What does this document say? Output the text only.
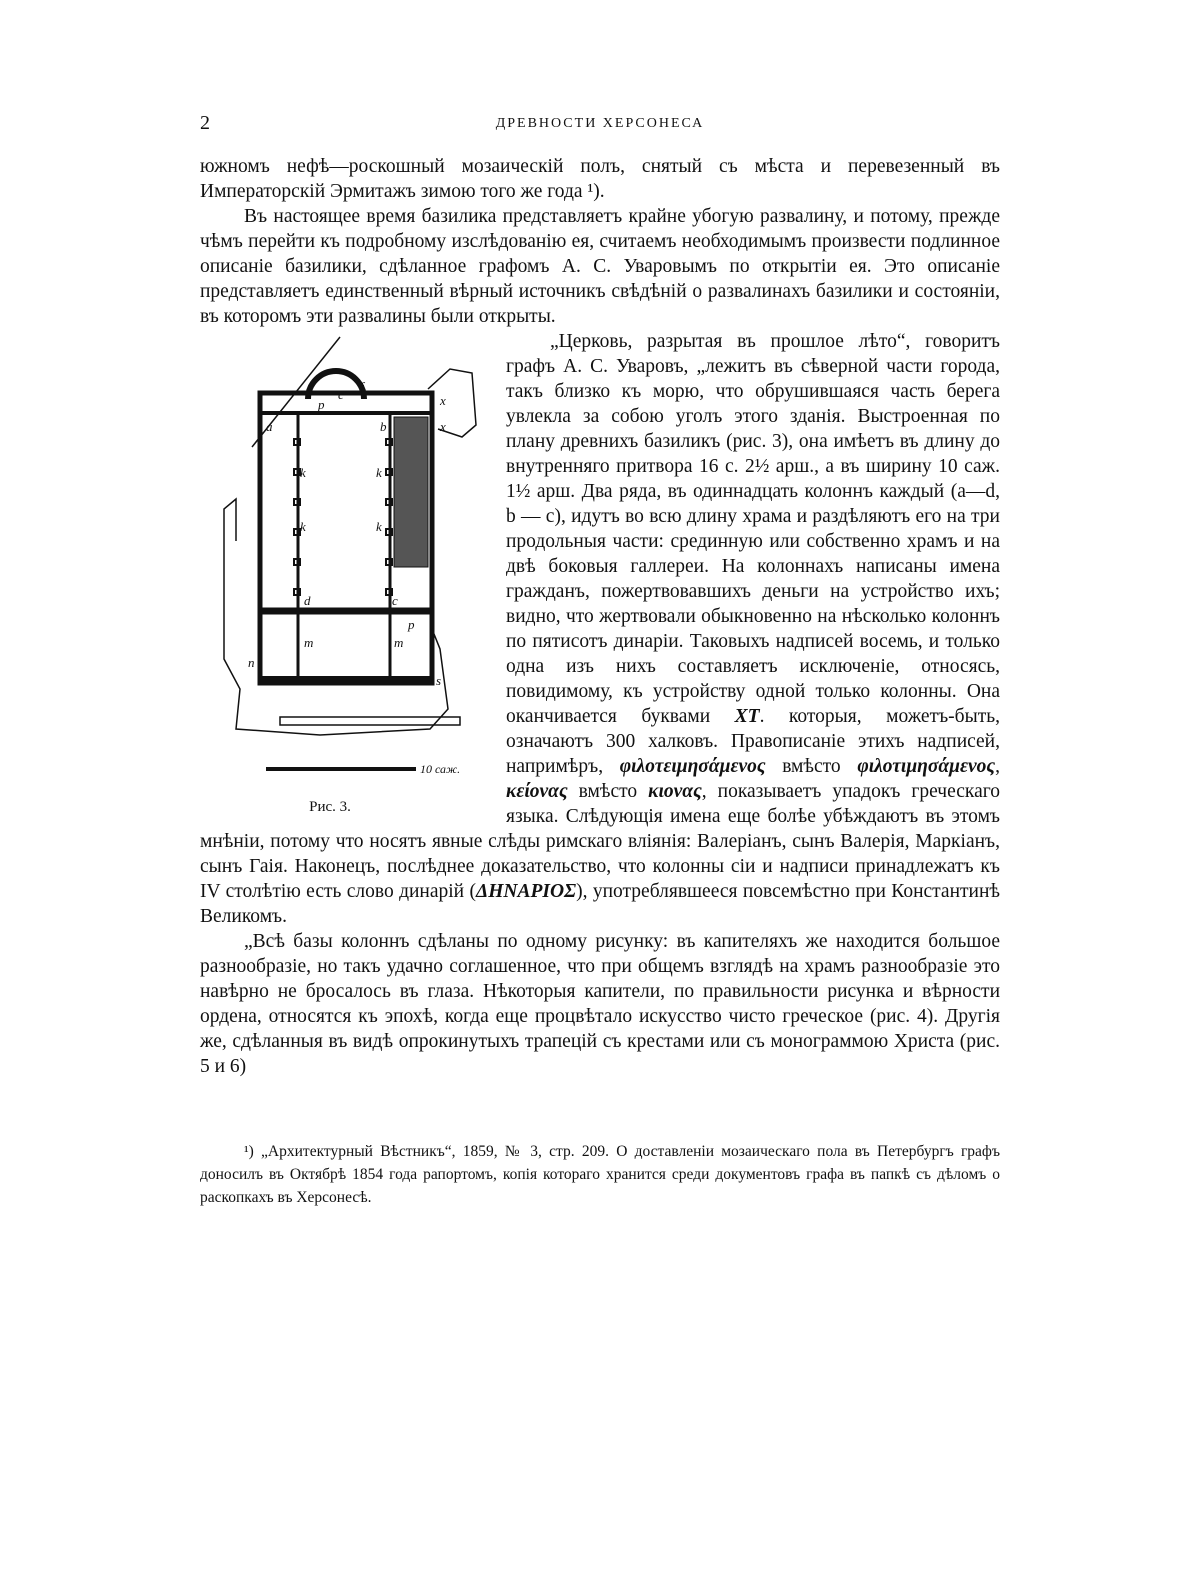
2	ДРЕВНОСТИ ХЕРСОНЕСА

южномъ нефѣ—роскошный мозаическій полъ, снятый съ мѣста и перевезенный въ Императорскій Эрмитажъ зимою того же года ¹).

Въ настоящее время базилика представляетъ крайне убогую развалину, и потому, прежде чѣмъ перейти къ подробному изслѣдованію ея, считаемъ необходимымъ произвести подлинное описаніе базилики, сдѣланное графомъ А. С. Уваровымъ по открытіи ея. Это описаніе представляетъ единственный вѣрный источникъ свѣдѣній о развалинахъ базилики и состояніи, въ которомъ эти развалины были открыты.

p
c
f
a	b
k	k
k	k
d	c
m	m
p
n
s
x
x
10 саж.
Рис. 3.

„Церковь, разрытая въ прошлое лѣто“, говоритъ графъ А. С. Уваровъ, „лежитъ въ сѣверной части города, такъ близко къ морю, что обрушившаяся часть берега увлекла за собою уголъ этого зданія. Выстроенная по плану древнихъ базиликъ (рис. 3), она имѣетъ въ длину до внутренняго притвора 16 с. 2½ арш., а въ ширину 10 саж. 1½ арш. Два ряда, въ одиннадцать колоннъ каждый (a—d, b — c), идутъ во всю длину храма и раздѣляютъ его на три продольныя части: срединную или собственно храмъ и на двѣ боковыя галлереи. На колоннахъ написаны имена гражданъ, пожертвовавшихъ деньги на устройство ихъ; видно, что жертвовали обыкновенно на нѣсколько колоннъ по пятисотъ динаріи. Таковыхъ надписей восемь, и только одна изъ нихъ составляетъ исключеніе, относясь, повидимому, къ устройству одной только колонны. Она оканчивается буквами ΧΤ. которыя, можетъ-быть, означаютъ 300 халковъ. Правописаніе этихъ надписей, напримѣръ, φιλοτειμησάμενος вмѣсто φιλοτιμησάμενος, κείονας вмѣсто κιονας, показываетъ упадокъ греческаго языка. Слѣдующія имена еще болѣе убѣждаютъ въ этомъ мнѣніи, потому что носятъ явные слѣды римскаго вліянія: Валеріанъ, сынъ Валерія, Маркіанъ, сынъ Гаія. Наконецъ, послѣднее доказательство, что колонны сіи и надписи принадлежатъ къ IV столѣтію есть слово динарій (ΔΗΝΑΡΙΟΣ), употреблявшееся повсемѣстно при Константинѣ Великомъ.

„Всѣ базы колоннъ сдѣланы по одному рисунку: въ капителяхъ же находится большое разнообразіе, но такъ удачно соглашенное, что при общемъ взглядѣ на храмъ разнообразіе это навѣрно не бросалось въ глаза. Нѣкоторыя капители, по правильности рисунка и вѣрности ордена, относятся къ эпохѣ, когда еще процвѣтало искусство чисто греческое (рис. 4). Другія же, сдѣланныя въ видѣ опрокинутыхъ трапецій съ крестами или съ монограммою Христа (рис. 5 и 6)

¹) „Архитектурный Вѣстникъ“, 1859, № 3, стр. 209. О доставленіи мозаическаго пола въ Петербургъ графъ доносилъ въ Октябрѣ 1854 года рапортомъ, копія котораго хранится среди документовъ графа въ папкѣ съ дѣломъ о раскопкахъ въ Херсонесѣ.
